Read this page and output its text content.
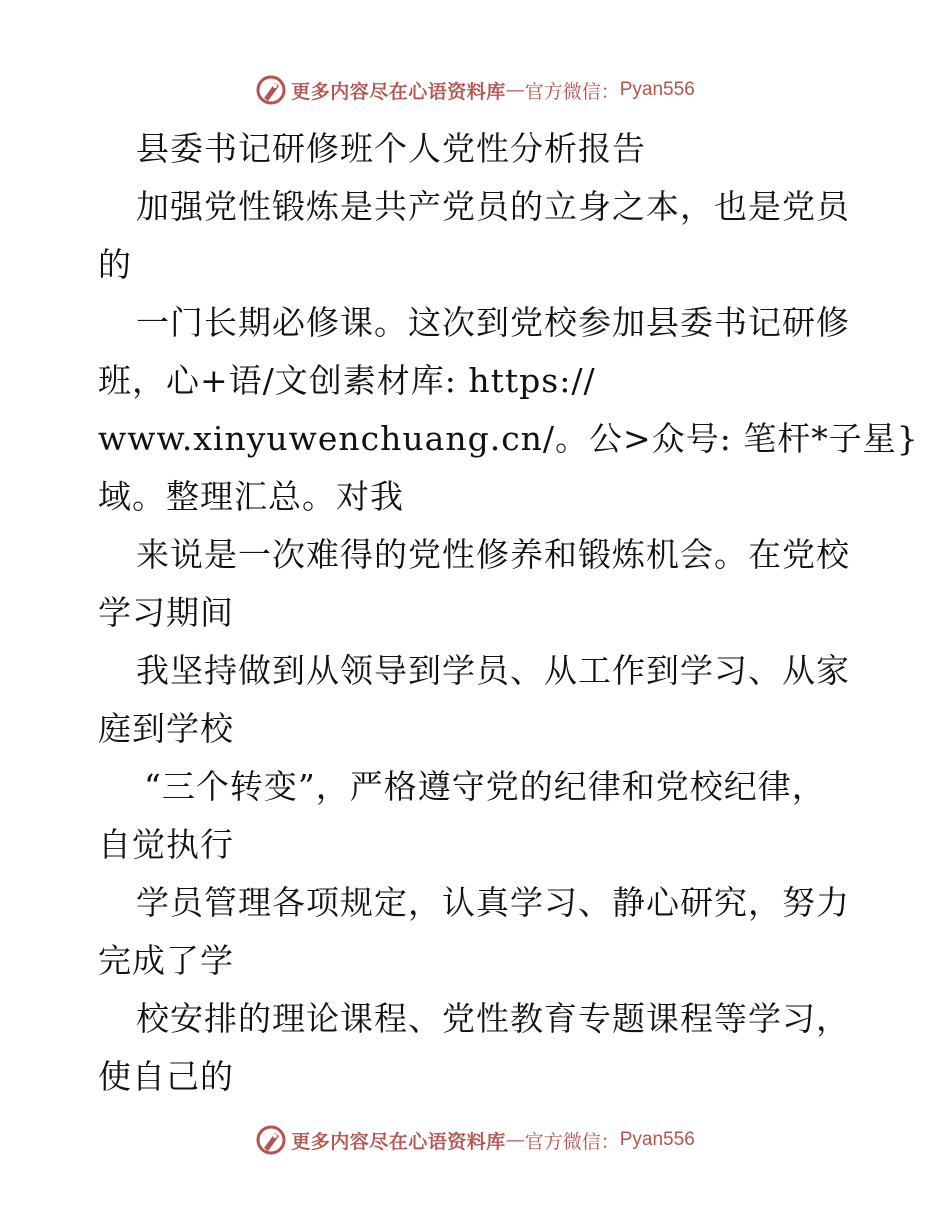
更多内容尽在心语资料库 — 官方微信： Pyan556
县委书记研修班个人党性分析报告
加强党性锻炼是共产党员的立身之本，也是党员
的
一门长期必修课。这次到党校参加县委书记研修
班，心+语/文创素材库: https://
www.xinyuwenchuang.cn/。公>众号: 笔杆*子星}
域。整理汇总。对我
来说是一次难得的党性修养和锻炼机会。在党校
学习期间
我坚持做到从领导到学员、从工作到学习、从家
庭到学校
“三个转变”，严格遵守党的纪律和党校纪律，
自觉执行
学员管理各项规定，认真学习、静心研究，努力
完成了学
校安排的理论课程、党性教育专题课程等学习，
使自己的
更多内容尽在心语资料库 — 官方微信： Pyan556
